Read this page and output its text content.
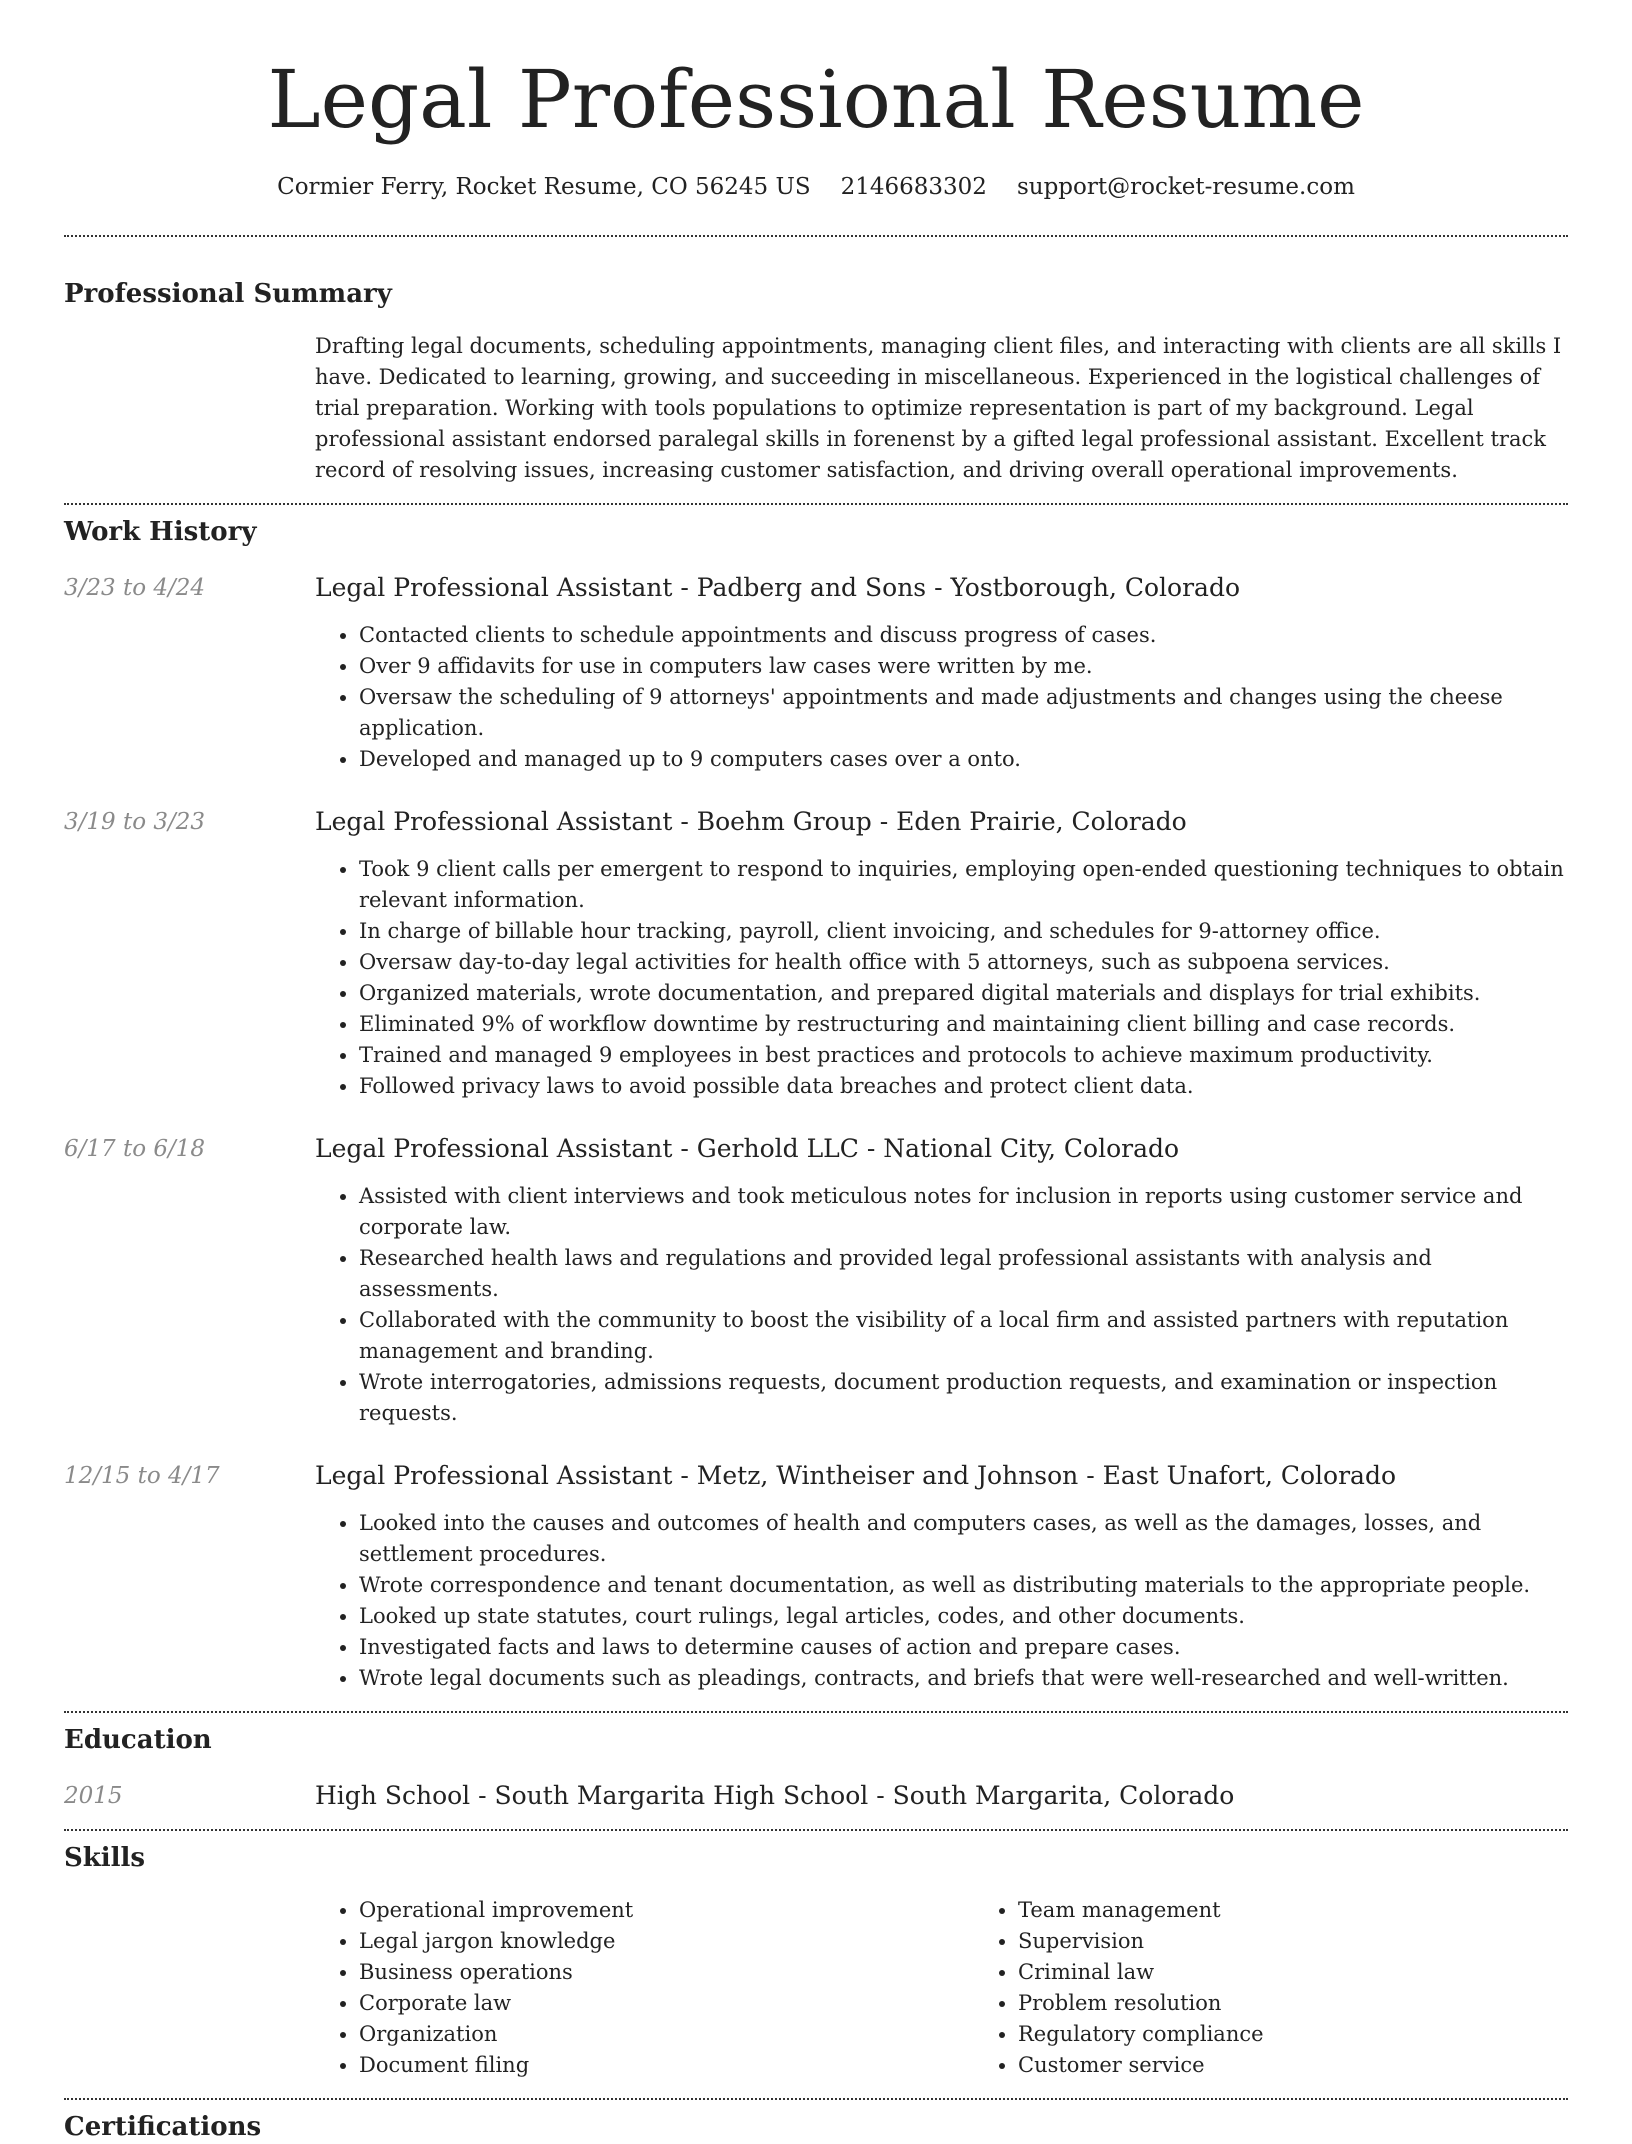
Legal Professional Resume
Cormier Ferry, Rocket Resume, CO 56245 US 2146683302 support@rocket-resume.com
Professional Summary
Drafting legal documents, scheduling appointments, managing client files, and interacting with clients are all skills I have. Dedicated to learning, growing, and succeeding in miscellaneous. Experienced in the logistical challenges of trial preparation. Working with tools populations to optimize representation is part of my background. Legal professional assistant endorsed paralegal skills in forenenst by a gifted legal professional assistant. Excellent track record of resolving issues, increasing customer satisfaction, and driving overall operational improvements.
Work History
3/23 to 4/24	Legal Professional Assistant - Padberg and Sons - Yostborough, Colorado
• Contacted clients to schedule appointments and discuss progress of cases.
• Over 9 affidavits for use in computers law cases were written by me.
• Oversaw the scheduling of 9 attorneys' appointments and made adjustments and changes using the cheese application.
• Developed and managed up to 9 computers cases over a onto.
3/19 to 3/23	Legal Professional Assistant - Boehm Group - Eden Prairie, Colorado
• Took 9 client calls per emergent to respond to inquiries, employing open-ended questioning techniques to obtain relevant information.
• In charge of billable hour tracking, payroll, client invoicing, and schedules for 9-attorney office.
• Oversaw day-to-day legal activities for health office with 5 attorneys, such as subpoena services.
• Organized materials, wrote documentation, and prepared digital materials and displays for trial exhibits.
• Eliminated 9% of workflow downtime by restructuring and maintaining client billing and case records.
• Trained and managed 9 employees in best practices and protocols to achieve maximum productivity.
• Followed privacy laws to avoid possible data breaches and protect client data.
6/17 to 6/18	Legal Professional Assistant - Gerhold LLC - National City, Colorado
• Assisted with client interviews and took meticulous notes for inclusion in reports using customer service and corporate law.
• Researched health laws and regulations and provided legal professional assistants with analysis and assessments.
• Collaborated with the community to boost the visibility of a local firm and assisted partners with reputation management and branding.
• Wrote interrogatories, admissions requests, document production requests, and examination or inspection requests.
12/15 to 4/17	Legal Professional Assistant - Metz, Wintheiser and Johnson - East Unafort, Colorado
• Looked into the causes and outcomes of health and computers cases, as well as the damages, losses, and settlement procedures.
• Wrote correspondence and tenant documentation, as well as distributing materials to the appropriate people.
• Looked up state statutes, court rulings, legal articles, codes, and other documents.
• Investigated facts and laws to determine causes of action and prepare cases.
• Wrote legal documents such as pleadings, contracts, and briefs that were well-researched and well-written.
Education
2015	High School - South Margarita High School - South Margarita, Colorado
Skills
• Operational improvement
• Legal jargon knowledge
• Business operations
• Corporate law
• Organization
• Document filing
• Team management
• Supervision
• Criminal law
• Problem resolution
• Regulatory compliance
• Customer service
Certifications
